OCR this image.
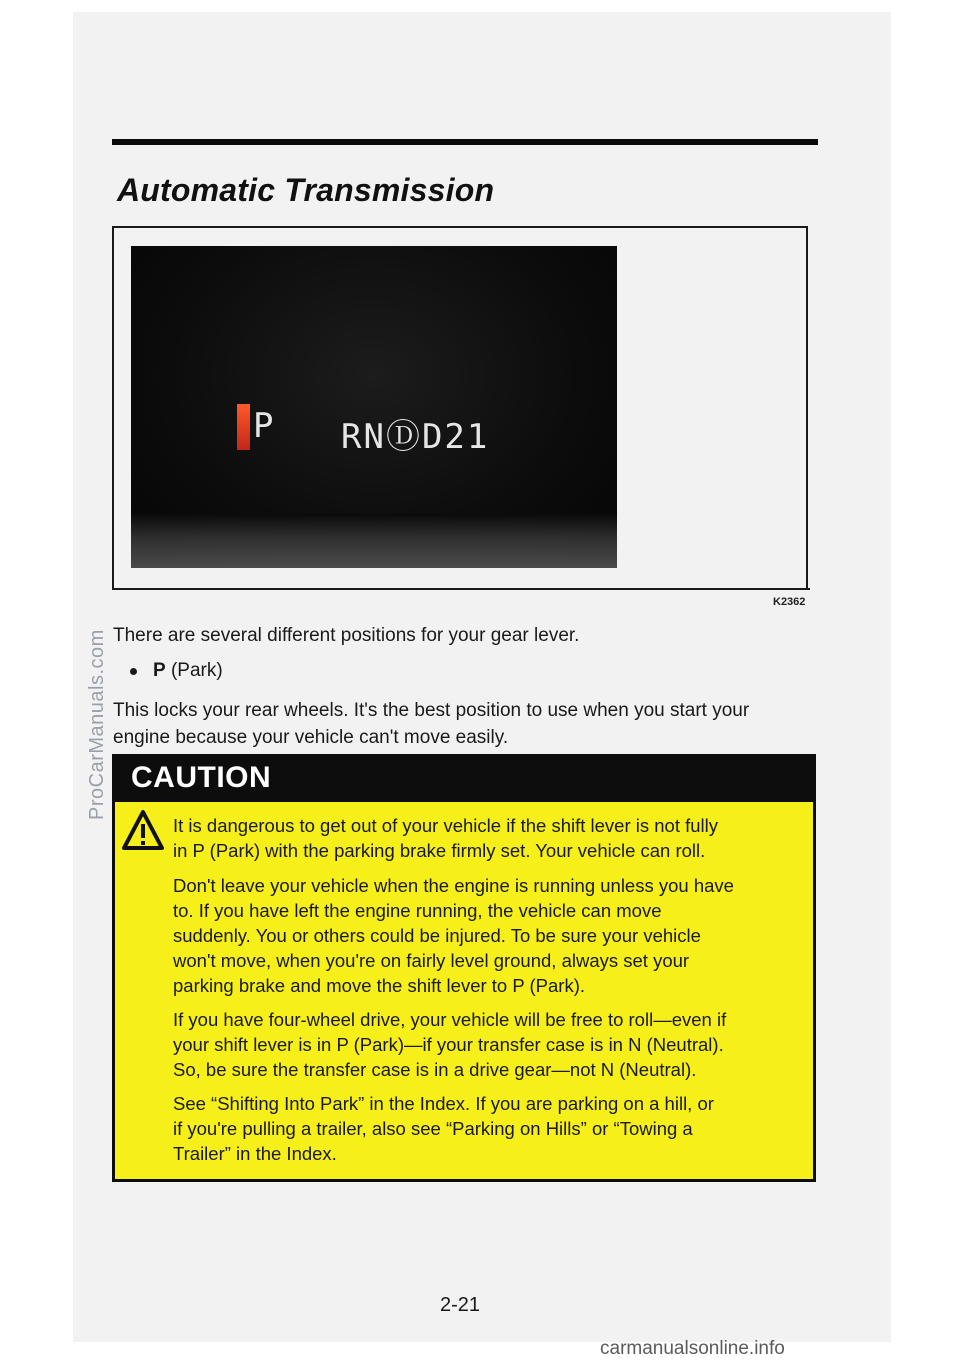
Automatic Transmission
P RNⒹD21
K2362
There are several different positions for your gear lever.
P (Park)
This locks your rear wheels. It's the best position to use when you start your
engine because your vehicle can't move easily.
CAUTION

It is dangerous to get out of your vehicle if the shift lever is not fully

in P (Park) with the parking brake firmly set. Your vehicle can roll.

Don't leave your vehicle when the engine is running unless you have

to. If you have left the engine running, the vehicle can move

suddenly. You or others could be injured. To be sure your vehicle

won't move, when you're on fairly level ground, always set your

parking brake and move the shift lever to P (Park).

If you have four-wheel drive, your vehicle will be free to roll—even if

your shift lever is in P (Park)—if your transfer case is in N (Neutral).

So, be sure the transfer case is in a drive gear—not N (Neutral).

See “Shifting Into Park” in the Index. If you are parking on a hill, or

if you're pulling a trailer, also see “Parking on Hills” or “Towing a

Trailer” in the Index.

2-21
ProCarManuals.com
carmanualsonline.info
